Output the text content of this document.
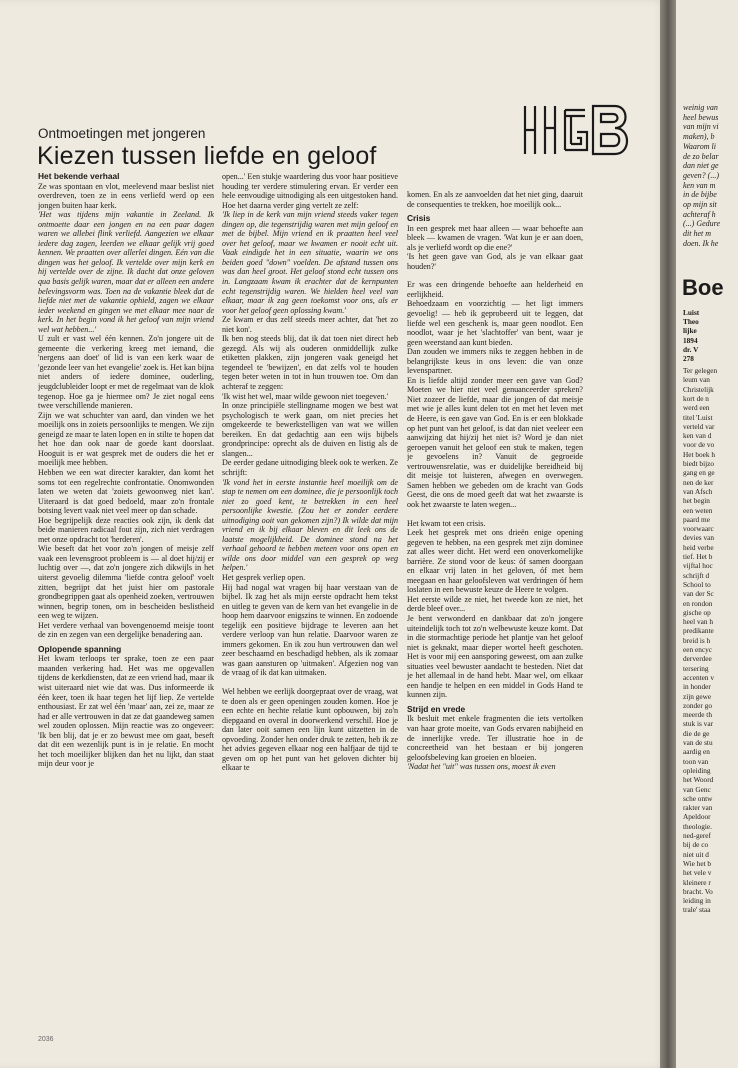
Ontmoetingen met jongeren
Kiezen tussen liefde en geloof

Het bekende verhaal

Ze was spontaan en vlot, meelevend maar beslist niet overdreven, toen ze in eens verliefd werd op een jongen buiten haar kerk.

'Het was tijdens mijn vakantie in Zeeland. Ik ontmoette daar een jongen en na een paar dagen waren we allebei flink verliefd. Aangezien we elkaar iedere dag zagen, leerden we elkaar gelijk vrij goed kennen. We praatten over allerlei dingen. Eén van die dingen was het geloof. Ik vertelde over mijn kerk en hij vertelde over de zijne. Ik dacht dat onze geloven qua basis gelijk waren, maar dat er alleen een andere belevingsvorm was. Toen na de vakantie bleek dat de liefde niet met de vakantie ophield, zagen we elkaar ieder weekend en gingen we met elkaar mee naar de kerk. In het begin vond ik het geloof van mijn vriend wel wat hebben...'

U zult er vast wel één kennen. Zo'n jongere uit de gemeente die verkering kreeg met iemand, die 'nergens aan doet' of lid is van een kerk waar de 'gezonde leer van het evangelie' zoek is. Het kan bijna niet anders of iedere dominee, ouderling, jeugdclubleider loopt er met de regelmaat van de klok tegenop. Hoe ga je hiermee om? Je ziet nogal eens twee verschillende manieren.

Zijn we wat schuchter van aard, dan vinden we het moeilijk ons in zoiets persoonlijks te mengen. We zijn geneigd ze maar te laten lopen en in stilte te hopen dat het hoe dan ook naar de goede kant doorslaat. Hooguit is er wat gesprek met de ouders die het er moeilijk mee hebben.

Hebben we een wat directer karakter, dan komt het soms tot een regelrechte confrontatie. Onomwonden laten we weten dat 'zoiets gewoonweg niet kan'. Uiteraard is dat goed bedoeld, maar zo'n frontale botsing levert vaak niet veel meer op dan schade.

Hoe begrijpelijk deze reacties ook zijn, ik denk dat beide manieren radicaal fout zijn, zich niet verdragen met onze opdracht tot 'herderen'.

Wie beseft dat het voor zo'n jongen of meisje zelf vaak een levensgroot probleem is — al doet hij/zij er luchtig over —, dat zo'n jongere zich dikwijls in het uiterst gevoelig dilemma 'liefde contra geloof' voelt zitten, begrijpt dat het juist hier om pastorale grondbegrippen gaat als openheid zoeken, vertrouwen winnen, begrip tonen, om in bescheiden beslistheid een weg te wijzen.

Het verdere verhaal van bovengenoemd meisje toont de zin en zegen van een dergelijke benadering aan.

Oplopende spanning

Het kwam terloops ter sprake, toen ze een paar maanden verkering had. Het was me opgevallen tijdens de kerkdiensten, dat ze een vriend had, maar ik wist uiteraard niet wie dat was. Dus informeerde ik één keer, toen ik haar tegen het lijf liep. Ze vertelde enthousiast. Er zat wel één 'maar' aan, zei ze, maar ze had er alle vertrouwen in dat ze dat gaandeweg samen wel zouden oplossen. Mijn reactie was zo ongeveer: 'Ik ben blij, dat je er zo bewust mee om gaat, beseft dat dit een wezenlijk punt is in je relatie. En mocht het toch moeilijker blijken dan het nu lijkt, dan staat mijn deur voor je

open...' Een stukje waardering dus voor haar positieve houding ter verdere stimulering ervan. Er verder een hele eenvoudige uitnodiging als een uitgestoken hand. Hoe het daarna verder ging vertelt ze zelf:

'Ik liep in de kerk van mijn vriend steeds vaker tegen dingen op, die tegenstrijdig waren met mijn geloof en met de bijbel. Mijn vriend en ik praatten heel veel over het geloof, maar we kwamen er nooit echt uit. Vaak eindigde het in een situatie, waarin we ons beiden goed "down" voelden. De afstand tussen ons was dan heel groot. Het geloof stond echt tussen ons in. Langzaam kwam ik erachter dat de kernpunten echt tegenstrijdig waren. We hielden heel veel van elkaar, maar ik zag geen toekomst voor ons, als er voor het geloof geen oplossing kwam.'

Ze kwam er dus zelf steeds meer achter, dat 'het zo niet kon'.

Ik ben nog steeds blij, dat ik dat toen niet direct heb gezegd. Als wij als ouderen onmiddellijk zulke etiketten plakken, zijn jongeren vaak geneigd het tegendeel te 'bewijzen', en dat zelfs vol te houden tegen beter weten in tot in hun trouwen toe. Om dan achteraf te zeggen:

'Ik wist het wel, maar wilde gewoon niet toegeven.'

In onze principiële stellingname mogen we best wat psychologisch te werk gaan, om niet precies het omgekeerde te bewerkstelligen van wat we willen bereiken. En dat gedachtig aan een wijs bijbels grondprincipe: oprecht als de duiven en listig als de slangen...

De eerder gedane uitnodiging bleek ook te werken. Ze schrijft:

'Ik vond het in eerste instantie heel moeilijk om de stap te nemen om een dominee, die je persoonlijk toch niet zo goed kent, te betrekken in een heel persoonlijke kwestie. (Zou het er zonder eerdere uitnodiging ooit van gekomen zijn?) Ik wilde dat mijn vriend en ik bij elkaar bleven en dit leek ons de laatste mogelijkheid. De dominee stond na het verhaal gehoord te hebben meteen voor ons open en wilde ons door middel van een gesprek op weg helpen.'

Het gesprek verliep open.

Hij had nogal wat vragen bij haar verstaan van de bijbel. Ik zag het als mijn eerste opdracht hem tekst en uitleg te geven van de kern van het evangelie in de hoop hem daarvoor enigszins te winnen. En zodoende tegelijk een positieve bijdrage te leveren aan het verdere verloop van hun relatie. Daarvoor waren ze immers gekomen. En ik zou hun vertrouwen dan wel zeer beschaamd en beschadigd hebben, als ik zomaar was gaan aansturen op 'uitmaken'. Afgezien nog van de vraag of ik dat kan uitmaken.

Wel hebben we eerlijk doorgepraat over de vraag, wat te doen als er geen openingen zouden komen. Hoe je een echte en hechte relatie kunt opbouwen, bij zo'n diepgaand en overal in doorwerkend verschil. Hoe je dan later ooit samen een lijn kunt uitzetten in de opvoeding. Zonder hen onder druk te zetten, heb ik ze het advies gegeven elkaar nog een halfjaar de tijd te geven om op het punt van het geloven dichter bij elkaar te

komen. En als ze aanvoelden dat het niet ging, daaruit de consequenties te trekken, hoe moeilijk ook...

Crisis

In een gesprek met haar alleen — waar behoefte aan bleek — kwamen de vragen. 'Wat kun je er aan doen, als je verliefd wordt op die ene?'

'Is het geen gave van God, als je van elkaar gaat houden?'

Er was een dringende behoefte aan helderheid en eerlijkheid.

Behoedzaam en voorzichtig — het ligt immers gevoelig! — heb ik geprobeerd uit te leggen, dat liefde wel een geschenk is, maar geen noodlot. Een noodlot, waar je het 'slachtoffer' van bent, waar je geen weerstand aan kunt bieden.

Dan zouden we immers niks te zeggen hebben in de belangrijkste keus in ons leven: die van onze levenspartner.

En is liefde altijd zonder meer een gave van God? Moeten we hier niet veel genuanceerder spreken? Niet zozeer de liefde, maar die jongen of dat meisje met wie je alles kunt delen tot en met het leven met de Heere, is een gave van God. En is er een blokkade op het punt van het geloof, is dat dan niet veeleer een aanwijzing dat hij/zij het niet is? Word je dan niet geroepen vanuit het geloof een stuk te maken, tegen je gevoelens in? Vanuit de gegroeide vertrouwensrelatie, was er duidelijke bereidheid bij dit meisje tot luisteren, afwegen en overwegen. Samen hebben we gebeden om de kracht van Gods Geest, die ons de moed geeft dat wat het zwaarste is ook het zwaarste te laten wegen...

Het kwam tot een crisis.

Leek het gesprek met ons drieën enige opening gegeven te hebben, na een gesprek met zijn dominee zat alles weer dicht. Het werd een onoverkomelijke barrière. Ze stond voor de keus: óf samen doorgaan en elkaar vrij laten in het geloven, óf met hem meegaan en haar geloofsleven wat verdringen óf hem loslaten in een bewuste keuze de Heere te volgen.

Het eerste wilde ze niet, het tweede kon ze niet, het derde bleef over...

Je bent verwonderd en dankbaar dat zo'n jongere uiteindelijk toch tot zo'n welbewuste keuze komt. Dat in die stormachtige periode het plantje van het geloof niet is geknakt, maar dieper wortel heeft geschoten. Het is voor mij een aansporing geweest, om aan zulke situaties veel bewuster aandacht te besteden. Niet dat je het allemaal in de hand hebt. Maar wel, om elkaar een handje te helpen en een middel in Gods Hand te kunnen zijn.

Strijd en vrede

Ik besluit met enkele fragmenten die iets vertolken van haar grote moeite, van Gods ervaren nabijheid en de innerlijke vrede. Ter illustratie hoe in de concreetheid van het bestaan er bij jongeren geloofsbeleving kan groeien en bloeien.

'Nadat het "uit" was tussen ons, moest ik even

2036
weinig van
heel bewus
van mijn vi
maken), b
Waarom li
de zo belar
dan niet ge
geven? (...)
ken van m
in de bijbe
op mijn sit
achteraf h
(...) Gedure
dit het m
doen. Ik he
Boe
Luist
Theo
lijke
1894
dr. V
278
Ter gelegen
leum van
Christelijk
kort de n
werd een
titel 'Luist
verteld var
ken van d
voor de vo
Het boek h
biedt bijzo
gang en ge
nen de ker
van Afsch
het begin
een weten
paard me
voorwaarc
devies van
heid verbe
tief. Het b
vijftal hoc
schrijft d
School to
van der Sc
en rondon
gische op
heel van h
predikante
breid is h
een encyc
derverdee
tersering
accenten v
in honder
zijn gewe
zonder go
meerde th
stuk is var
die de ge
van de stu
aardig en
toon van
opleiding
het Woord
van Genc
sche ontw
rakter van
Apeldoor
theologie.
ned-geref
bij de co
niet uit d
Wie het b
het vele v
kleinere r
bracht. Vo
leiding in
trale' staa
